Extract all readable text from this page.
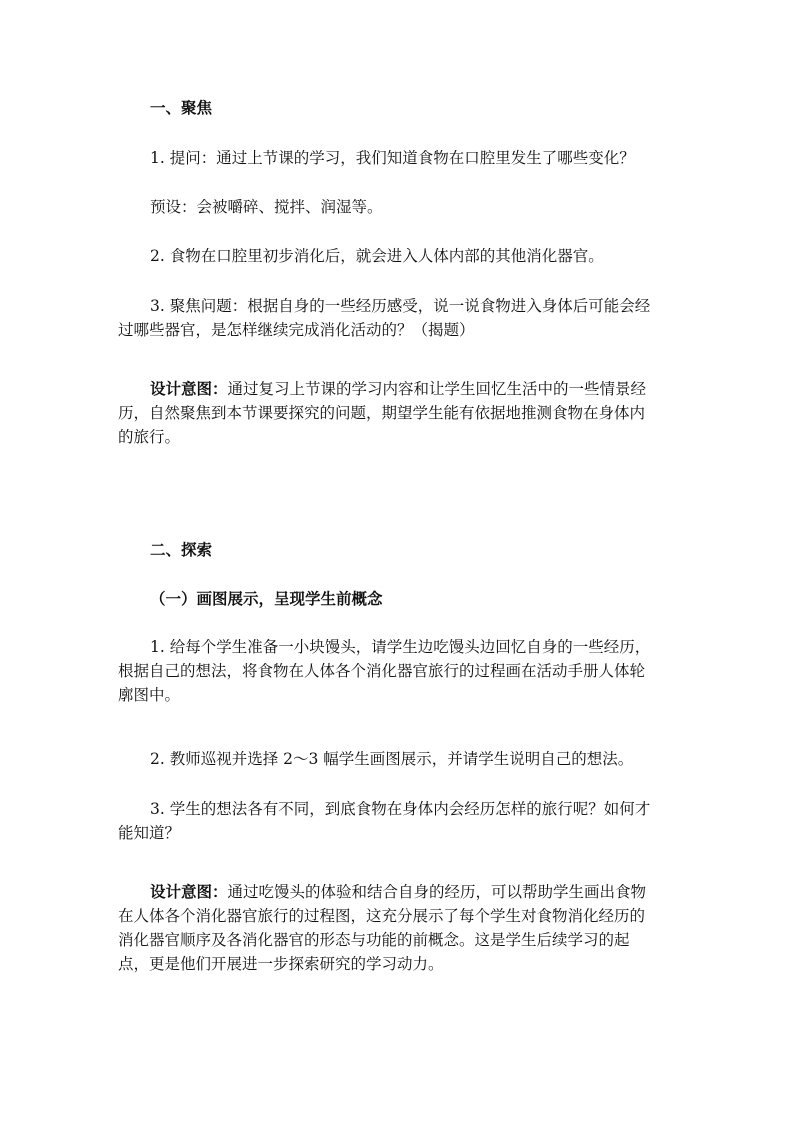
一、聚焦

1. 提问：通过上节课的学习，我们知道食物在口腔里发生了哪些变化？

预设：会被嚼碎、搅拌、润湿等。

2. 食物在口腔里初步消化后，就会进入人体内部的其他消化器官。

3. 聚焦问题：根据自身的一些经历感受，说一说食物进入身体后可能会经
过哪些器官，是怎样继续完成消化活动的？（揭题）

设计意图：通过复习上节课的学习内容和让学生回忆生活中的一些情景经
历，自然聚焦到本节课要探究的问题，期望学生能有依据地推测食物在身体内
的旅行。

二、探索

（一）画图展示，呈现学生前概念

1. 给每个学生准备一小块馒头，请学生边吃馒头边回忆自身的一些经历，
根据自己的想法，将食物在人体各个消化器官旅行的过程画在活动手册人体轮
廓图中。

2. 教师巡视并选择 2～3 幅学生画图展示，并请学生说明自己的想法。

3. 学生的想法各有不同，到底食物在身体内会经历怎样的旅行呢？如何才
能知道？

设计意图：通过吃馒头的体验和结合自身的经历，可以帮助学生画出食物
在人体各个消化器官旅行的过程图，这充分展示了每个学生对食物消化经历的
消化器官顺序及各消化器官的形态与功能的前概念。这是学生后续学习的起
点，更是他们开展进一步探索研究的学习动力。
